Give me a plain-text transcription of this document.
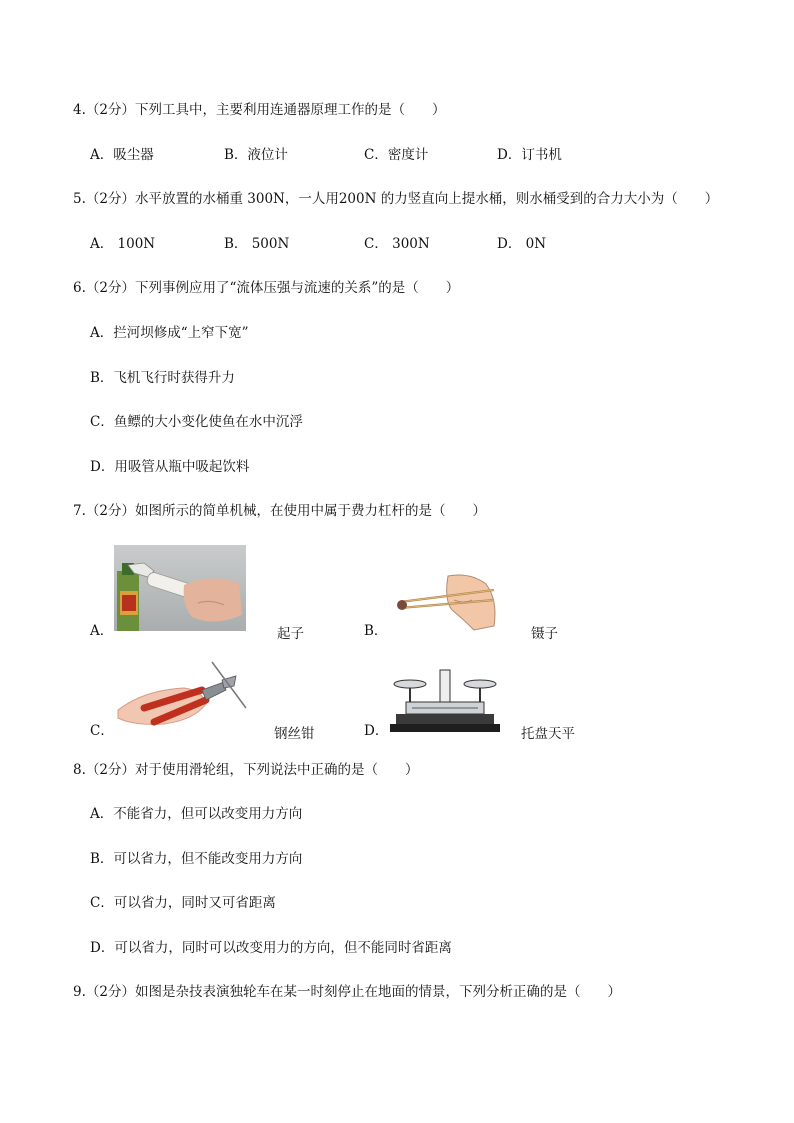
4.（2分）下列工具中，主要利用连通器原理工作的是（　　）
A．吸尘器	B．液位计	C．密度计	D．订书机
5.（2分）水平放置的水桶重 300N，一人用200N 的力竖直向上提水桶，则水桶受到的合力大小为（　　）
A． 100N	B． 500N	C． 300N	D． 0N
6.（2分）下列事例应用了“流体压强与流速的关系”的是（　　）
A．拦河坝修成“上窄下宽”
B．飞机飞行时获得升力
C．鱼鳔的大小变化使鱼在水中沉浮
D．用吸管从瓶中吸起饮料
7.（2分）如图所示的简单机械，在使用中属于费力杠杆的是（　　）
A．	起子	B．	镊子
C．	钢丝钳	D．	托盘天平
8.（2分）对于使用滑轮组，下列说法中正确的是（　　）
A．不能省力，但可以改变用力方向
B．可以省力，但不能改变用力方向
C．可以省力，同时又可省距离
D．可以省力，同时可以改变用力的方向，但不能同时省距离
9.（2分）如图是杂技表演独轮车在某一时刻停止在地面的情景，下列分析正确的是（　　）
